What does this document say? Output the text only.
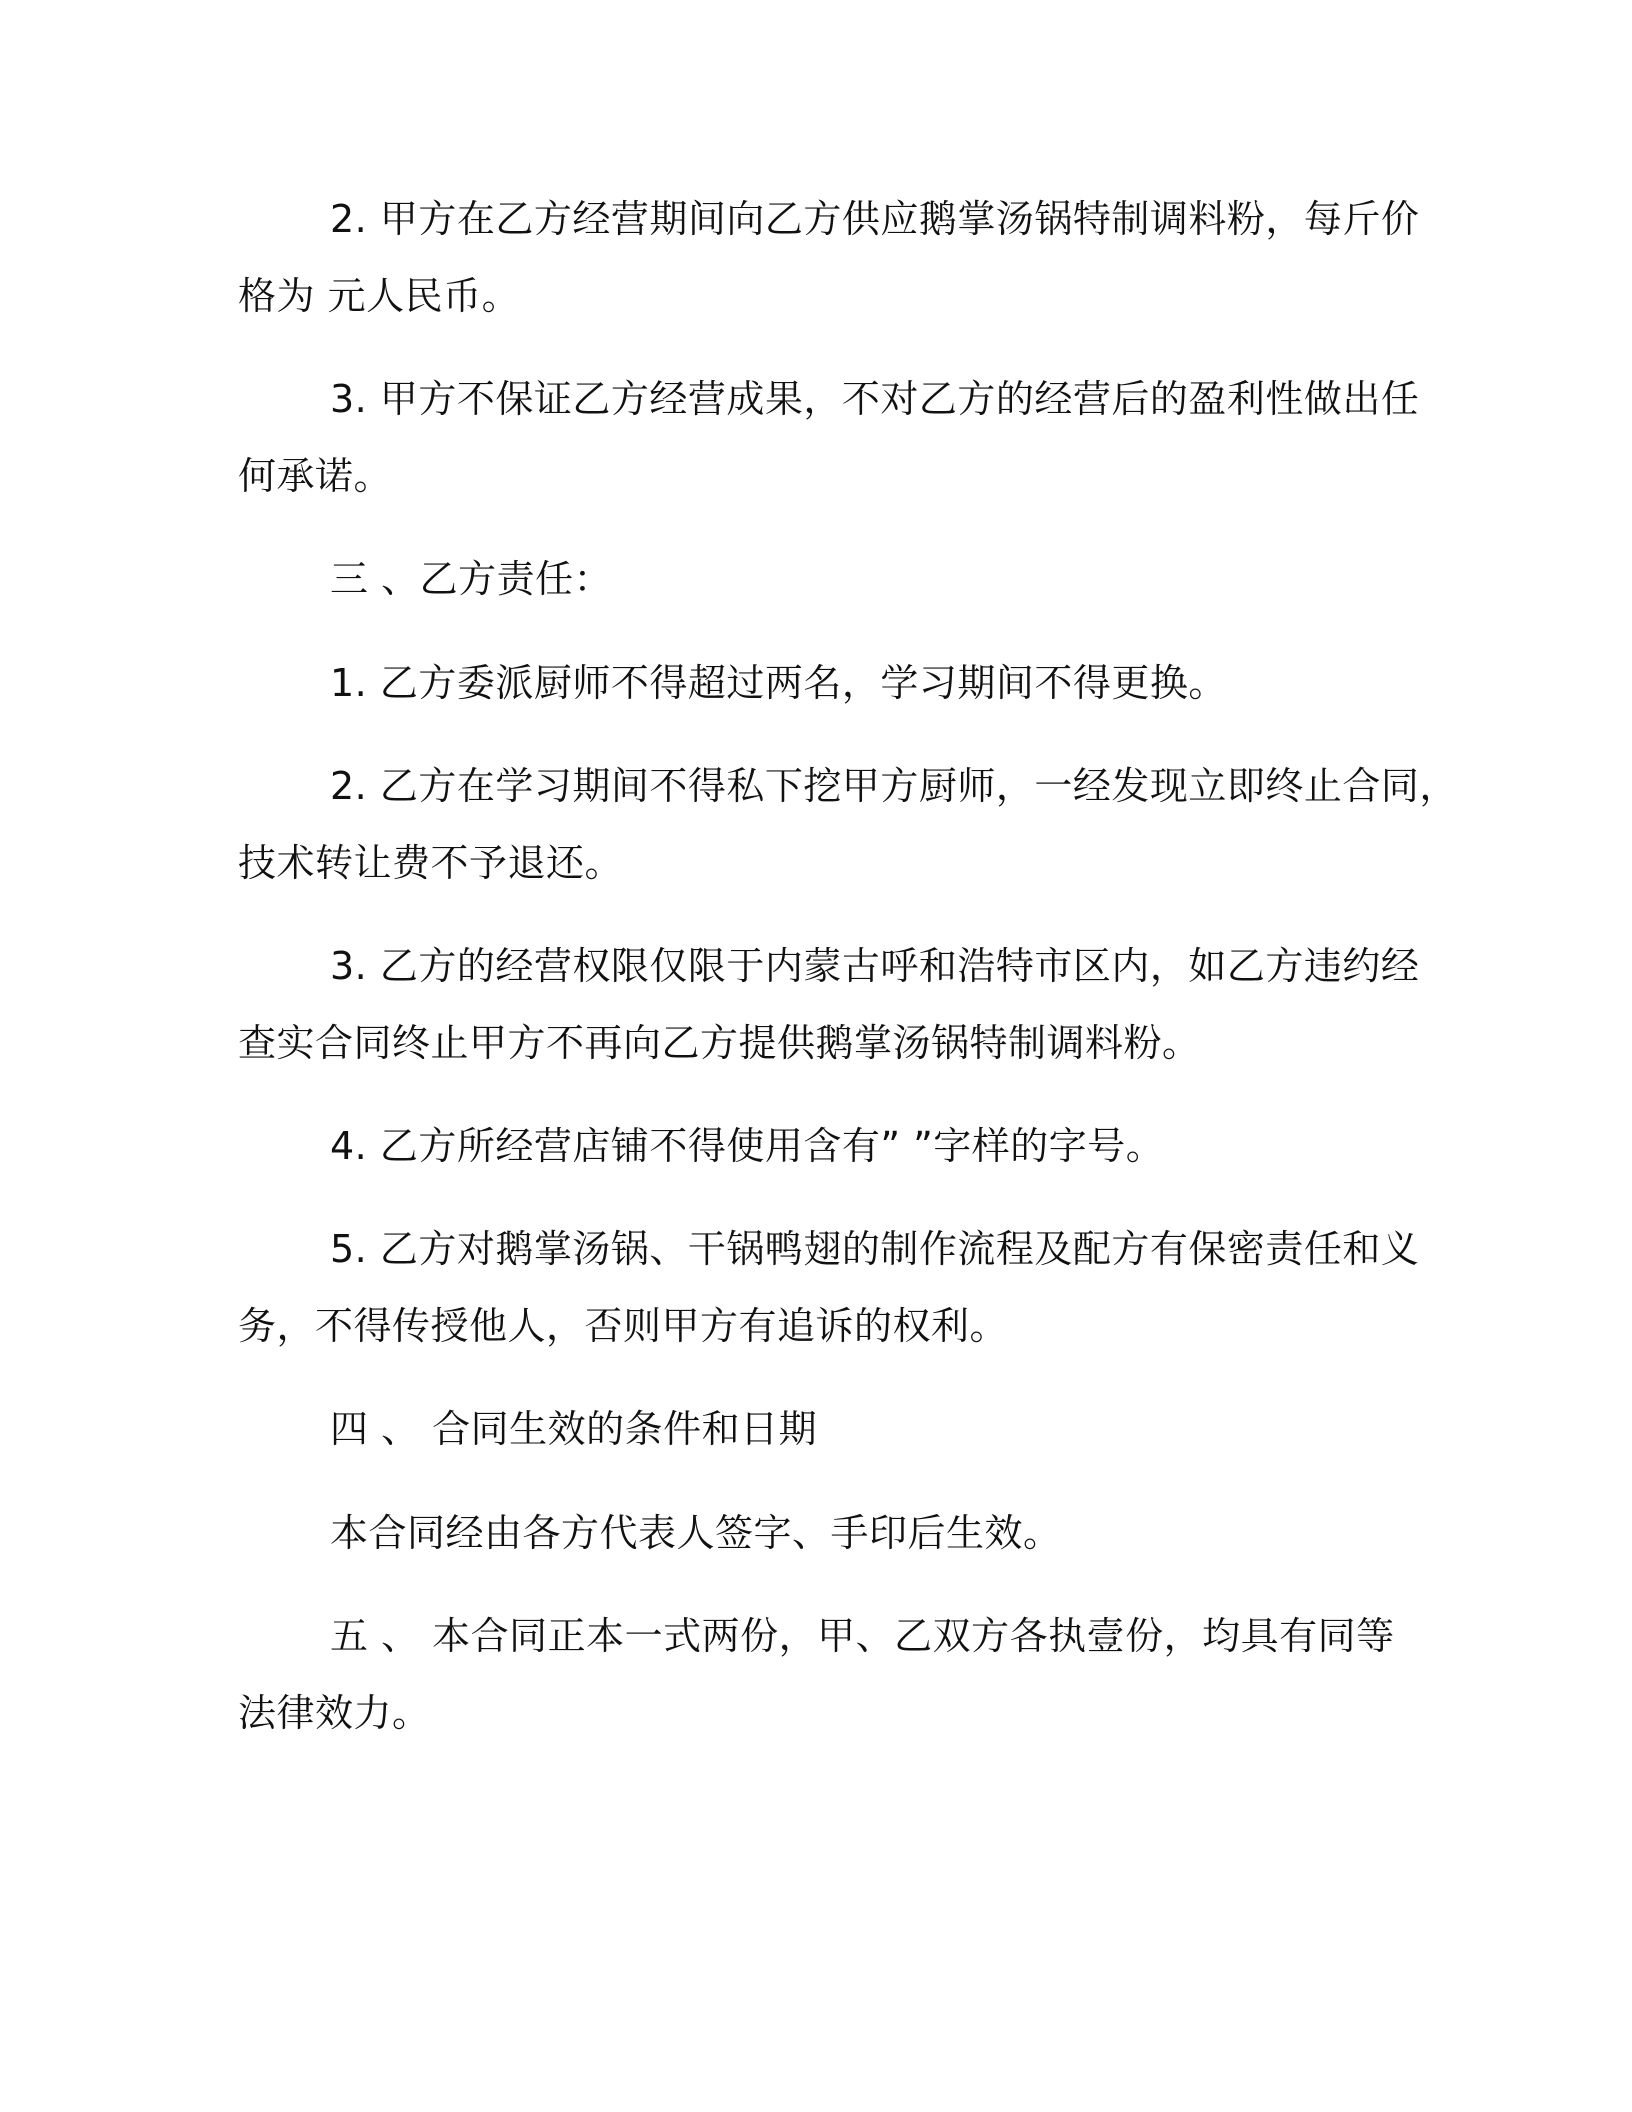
2. 甲方在乙方经营期间向乙方供应鹅掌汤锅特制调料粉，每斤价

格为 元人民币。

3. 甲方不保证乙方经营成果，不对乙方的经营后的盈利性做出任

何承诺。

三 、乙方责任：

1. 乙方委派厨师不得超过两名，学习期间不得更换。

2. 乙方在学习期间不得私下挖甲方厨师，一经发现立即终止合同，

技术转让费不予退还。

3. 乙方的经营权限仅限于内蒙古呼和浩特市区内，如乙方违约经

查实合同终止甲方不再向乙方提供鹅掌汤锅特制调料粉。

4. 乙方所经营店铺不得使用含有” ”字样的字号。

5. 乙方对鹅掌汤锅、干锅鸭翅的制作流程及配方有保密责任和义

务，不得传授他人，否则甲方有追诉的权利。

四 、 合同生效的条件和日期

本合同经由各方代表人签字、手印后生效。

五 、 本合同正本一式两份，甲、乙双方各执壹份，均具有同等

法律效力。
